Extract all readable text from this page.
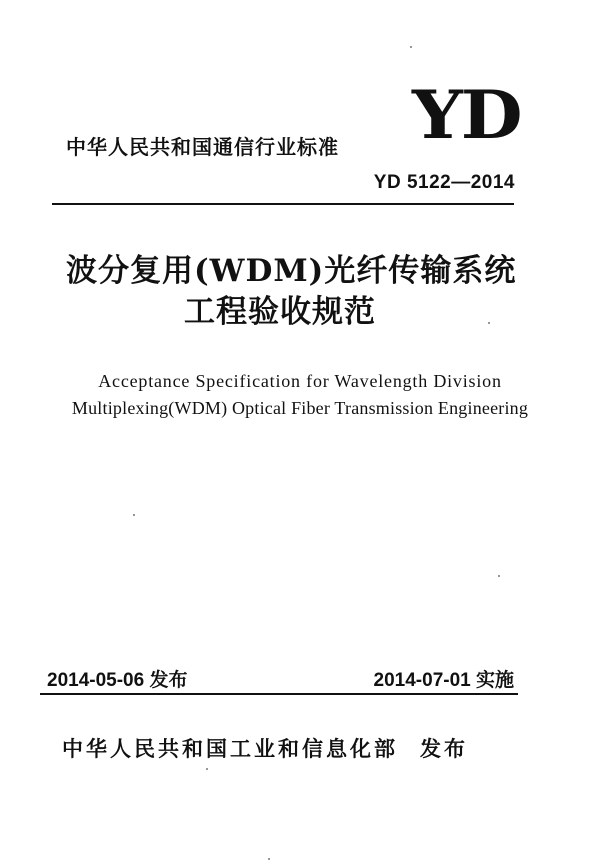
YD
中华人民共和国通信行业标准
YD 5122—2014
波分复用(WDM)光纤传输系统
工程验收规范
Acceptance Specification for Wavelength Division
Multiplexing(WDM) Optical Fiber Transmission Engineering
2014-05-06 发布	2014-07-01 实施
中华人民共和国工业和信息化部 发布
